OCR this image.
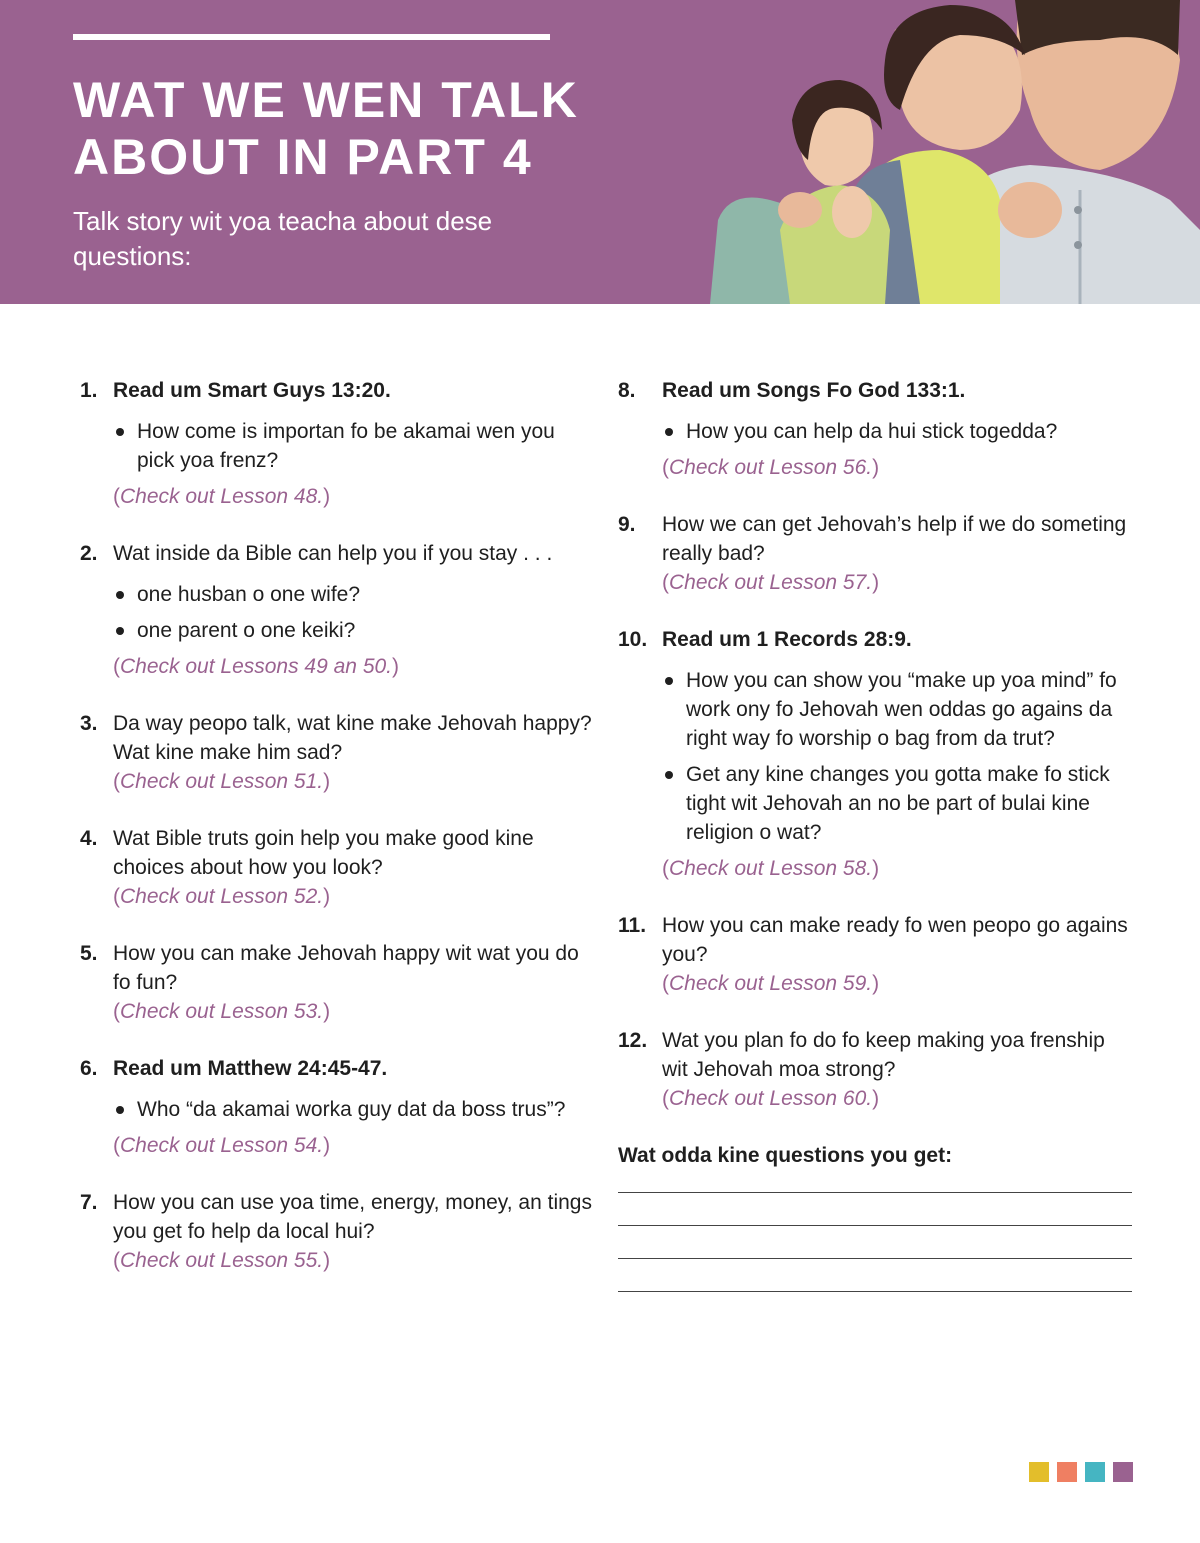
WAT WE WEN TALK ABOUT IN PART 4

Talk story wit yoa teacha about dese questions:

1. Read um Smart Guys 13:20.
How come is importan fo be akamai wen you pick yoa frenz?
(Check out Lesson 48.)
2. Wat inside da Bible can help you if you stay . . .
one husban o one wife?
one parent o one keiki?
(Check out Lessons 49 an 50.)
3. Da way peopo talk, wat kine make Jehovah happy? Wat kine make him sad?
(Check out Lesson 51.)
4. Wat Bible truts goin help you make good kine choices about how you look?
(Check out Lesson 52.)
5. How you can make Jehovah happy wit wat you do fo fun?
(Check out Lesson 53.)
6. Read um Matthew 24:45-47.
Who “da akamai worka guy dat da boss trus”?
(Check out Lesson 54.)
7. How you can use yoa time, energy, money, an tings you get fo help da local hui?
(Check out Lesson 55.)
8. Read um Songs Fo God 133:1.
How you can help da hui stick togedda?
(Check out Lesson 56.)
9. How we can get Jehovah’s help if we do someting really bad?
(Check out Lesson 57.)
10. Read um 1 Records 28:9.
How you can show you “make up yoa mind” fo work ony fo Jehovah wen oddas go agains da right way fo worship o bag from da trut?
Get any kine changes you gotta make fo stick tight wit Jehovah an no be part of bulai kine religion o wat?
(Check out Lesson 58.)
11. How you can make ready fo wen peopo go agains you?
(Check out Lesson 59.)
12. Wat you plan fo do fo keep making yoa frenship wit Jehovah moa strong?
(Check out Lesson 60.)

Wat odda kine questions you get:
